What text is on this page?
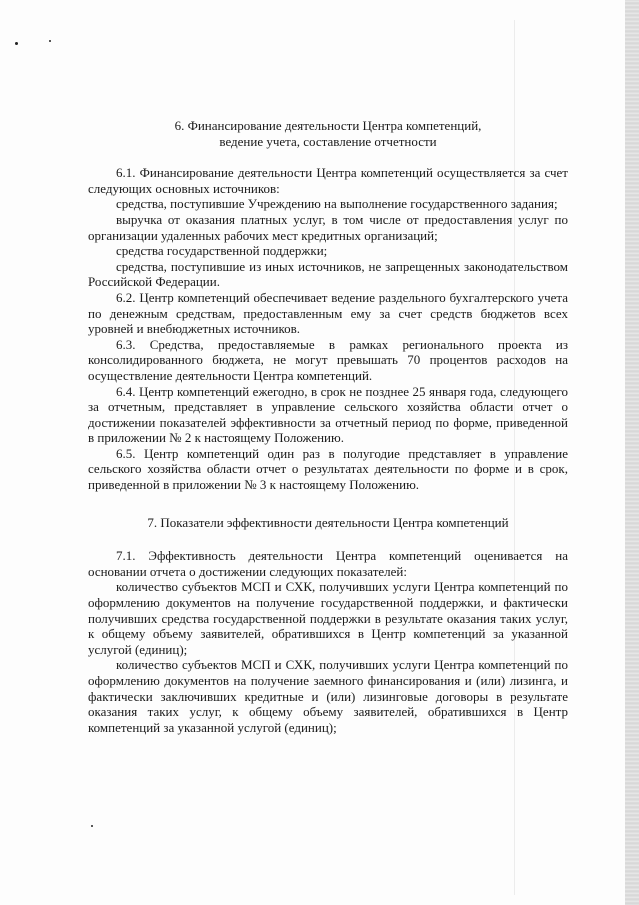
6. Финансирование деятельности Центра компетенций,

ведение учета, составление отчетности

6.1. Финансирование деятельности Центра компетенций осуществляется за счет следующих основных источников:

средства, поступившие Учреждению на выполнение государственного задания;

выручка от оказания платных услуг, в том числе от предоставления услуг по организации удаленных рабочих мест кредитных организаций;

средства государственной поддержки;

средства, поступившие из иных источников, не запрещенных законодательством Российской Федерации.

6.2. Центр компетенций обеспечивает ведение раздельного бухгалтерского учета по денежным средствам, предоставленным ему за счет средств бюджетов всех уровней и внебюджетных источников.

6.3. Средства, предоставляемые в рамках регионального проекта из консолидированного бюджета, не могут превышать 70 процентов расходов на осуществление деятельности Центра компетенций.

6.4. Центр компетенций ежегодно, в срок не позднее 25 января года, следующего за отчетным, представляет в управление сельского хозяйства области отчет о достижении показателей эффективности за отчетный период по форме, приведенной в приложении № 2 к настоящему Положению.

6.5. Центр компетенций один раз в полугодие представляет в управление сельского хозяйства области отчет о результатах деятельности по форме и в срок, приведенной в приложении № 3 к настоящему Положению.

7. Показатели эффективности деятельности Центра компетенций

7.1. Эффективность деятельности Центра компетенций оценивается на основании отчета о достижении следующих показателей:

количество субъектов МСП и СХК, получивших услуги Центра компетенций по оформлению документов на получение государственной поддержки, и фактически получивших средства государственной поддержки в результате оказания таких услуг, к общему объему заявителей, обратившихся в Центр компетенций за указанной услугой (единиц);

количество субъектов МСП и СХК, получивших услуги Центра компетенций по оформлению документов на получение заемного финансирования и (или) лизинга, и фактически заключивших кредитные и (или) лизинговые договоры в результате оказания таких услуг, к общему объему заявителей, обратившихся в Центр компетенций за указанной услугой (единиц);
